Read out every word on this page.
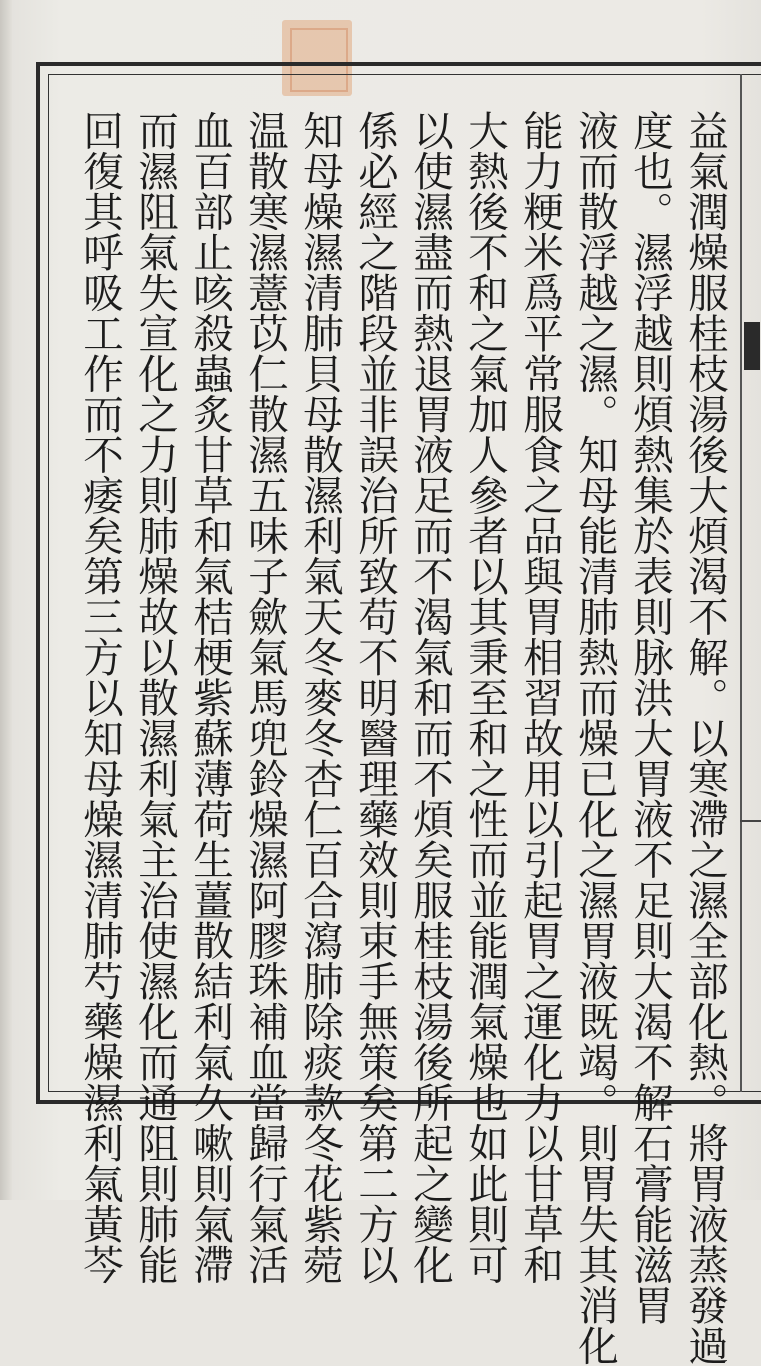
益氣潤燥服桂枝湯後大煩渴不解。以寒滯之濕全部化熱。將胃液蒸發過
度也。濕浮越則煩熱集於表則脉洪大胃液不足則大渴不解石膏能滋胃
液而散浮越之濕。知母能清肺熱而燥已化之濕胃液既竭。則胃失其消化
能力粳米爲平常服食之品與胃相習故用以引起胃之運化力以甘草和
大熱後不和之氣加人參者以其秉至和之性而並能潤氣燥也如此則可
以使濕盡而熱退胃液足而不渴氣和而不煩矣服桂枝湯後所起之變化
係必經之階段並非誤治所致苟不明醫理藥效則束手無策矣第二方以
知母燥濕清肺貝母散濕利氣天冬麥冬杏仁百合瀉肺除痰款冬花紫菀
温散寒濕薏苡仁散濕五味子歛氣馬兜鈴燥濕阿膠珠補血當歸行氣活
血百部止咳殺蟲炙甘草和氣桔梗紫蘇薄荷生薑散結利氣久嗽則氣滯
而濕阻氣失宣化之力則肺燥故以散濕利氣主治使濕化而通阻則肺能
回復其呼吸工作而不痿矣第三方以知母燥濕清肺芍藥燥濕利氣黃芩
